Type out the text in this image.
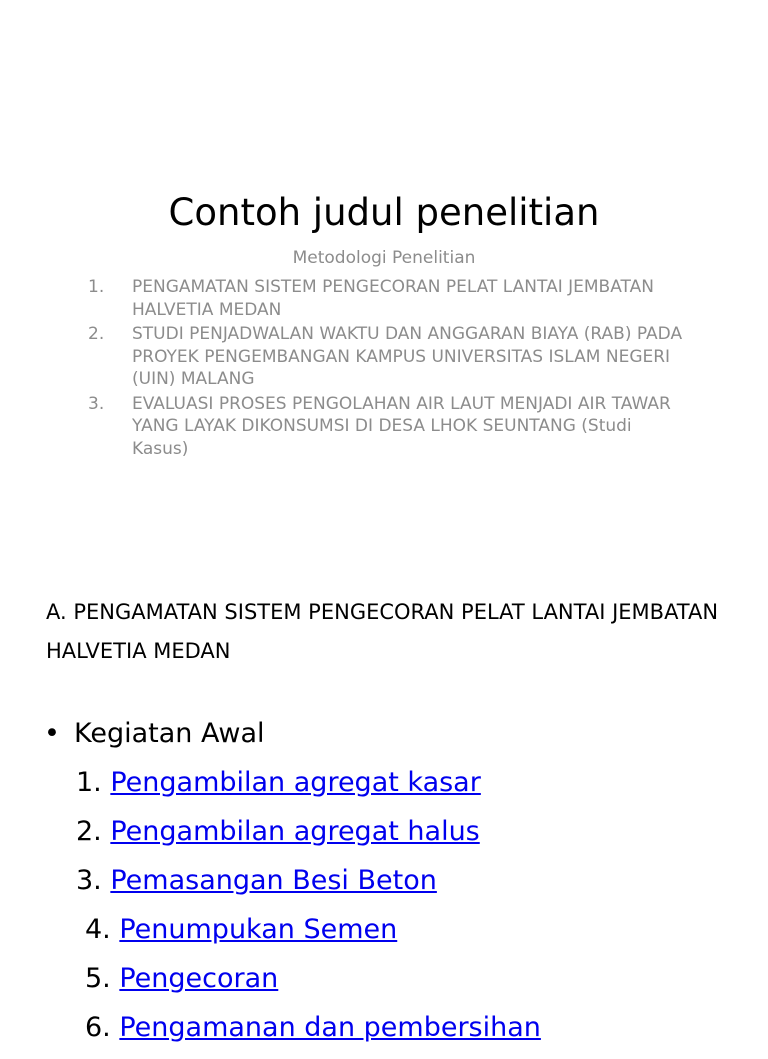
Contoh judul penelitian
Metodologi Penelitian
1.	PENGAMATAN SISTEM PENGECORAN PELAT LANTAI JEMBATAN HALVETIA MEDAN
2.	STUDI PENJADWALAN WAKTU DAN ANGGARAN BIAYA (RAB) PADA PROYEK PENGEMBANGAN KAMPUS UNIVERSITAS ISLAM NEGERI (UIN) MALANG
3.	EVALUASI PROSES PENGOLAHAN AIR LAUT MENJADI AIR TAWAR YANG LAYAK DIKONSUMSI DI DESA LHOK SEUNTANG (Studi Kasus)
A. PENGAMATAN SISTEM PENGECORAN PELAT LANTAI JEMBATAN HALVETIA MEDAN
• Kegiatan Awal
1. Pengambilan agregat kasar
2. Pengambilan agregat halus
3. Pemasangan Besi Beton
4. Penumpukan Semen
5. Pengecoran
6. Pengamanan dan pembersihan
